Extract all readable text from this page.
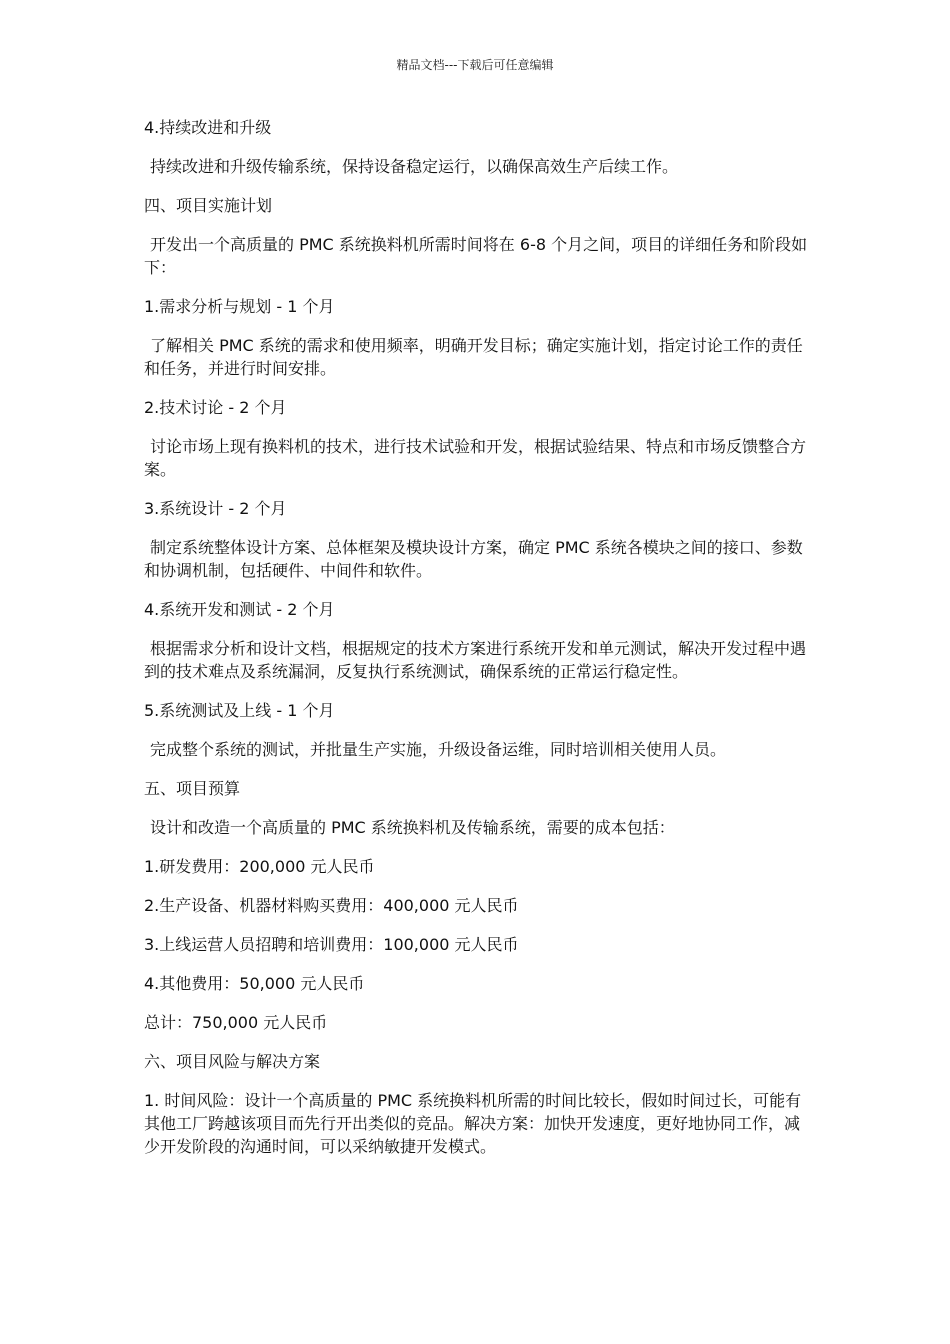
精品文档---下载后可任意编辑

4.持续改进和升级

持续改进和升级传输系统，保持设备稳定运行，以确保高效生产后续工作。

四、项目实施计划

开发出一个高质量的 PMC 系统换料机所需时间将在 6-8 个月之间，项目的详细任务和阶段如下：

1.需求分析与规划 - 1 个月

了解相关 PMC 系统的需求和使用频率，明确开发目标；确定实施计划，指定讨论工作的责任和任务，并进行时间安排。

2.技术讨论 - 2 个月

讨论市场上现有换料机的技术，进行技术试验和开发，根据试验结果、特点和市场反馈整合方案。

3.系统设计 - 2 个月

制定系统整体设计方案、总体框架及模块设计方案，确定 PMC 系统各模块之间的接口、参数和协调机制，包括硬件、中间件和软件。

4.系统开发和测试 - 2 个月

根据需求分析和设计文档，根据规定的技术方案进行系统开发和单元测试，解决开发过程中遇到的技术难点及系统漏洞，反复执行系统测试，确保系统的正常运行稳定性。

5.系统测试及上线 - 1 个月

完成整个系统的测试，并批量生产实施，升级设备运维，同时培训相关使用人员。

五、项目预算

设计和改造一个高质量的 PMC 系统换料机及传输系统，需要的成本包括：

1.研发费用：200,000 元人民币

2.生产设备、机器材料购买费用：400,000 元人民币

3.上线运营人员招聘和培训费用：100,000 元人民币

4.其他费用：50,000 元人民币

总计：750,000 元人民币

六、项目风险与解决方案

1. 时间风险：设计一个高质量的 PMC 系统换料机所需的时间比较长，假如时间过长，可能有其他工厂跨越该项目而先行开出类似的竞品。解决方案：加快开发速度，更好地协同工作，减少开发阶段的沟通时间，可以采纳敏捷开发模式。
